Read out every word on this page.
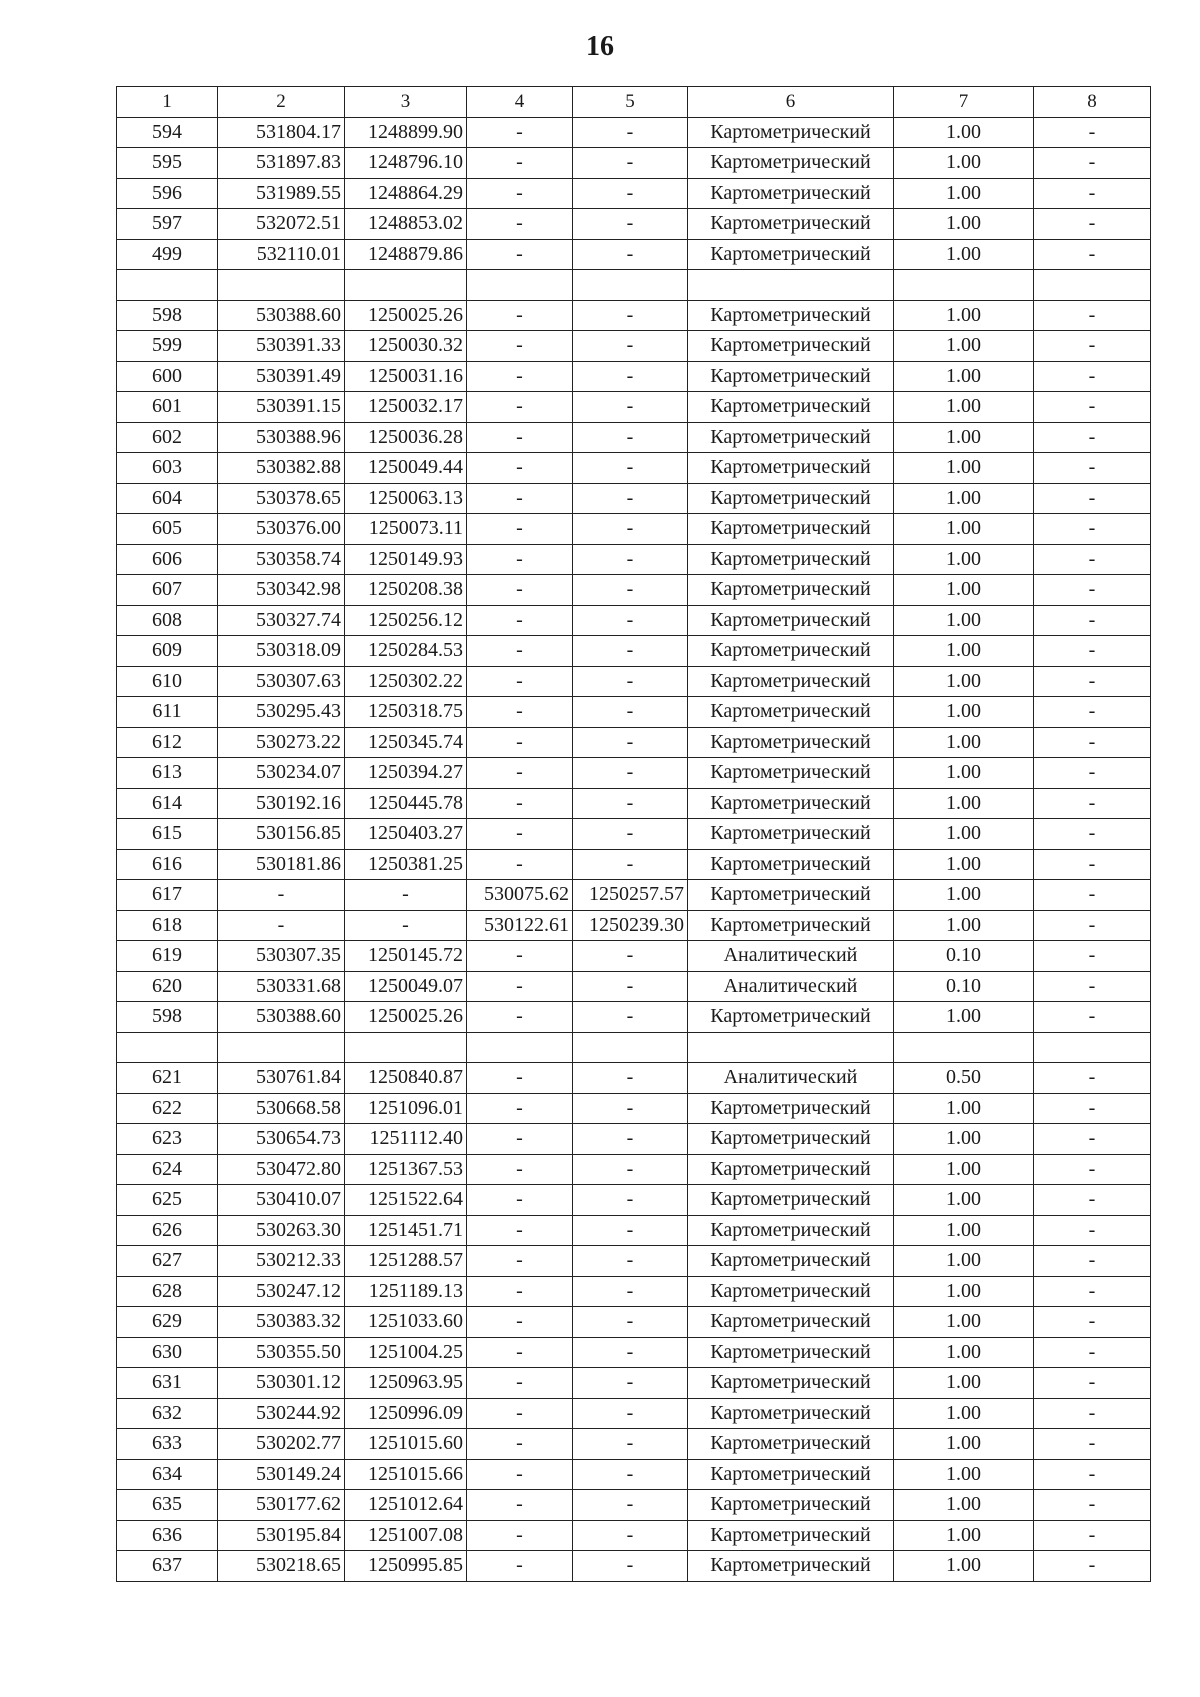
16
1	2	3	4	5	6	7	8
594	531804.17	1248899.90	-	-	Картометрический	1.00	-
595	531897.83	1248796.10	-	-	Картометрический	1.00	-
596	531989.55	1248864.29	-	-	Картометрический	1.00	-
597	532072.51	1248853.02	-	-	Картометрический	1.00	-
499	532110.01	1248879.86	-	-	Картометрический	1.00	-

598	530388.60	1250025.26	-	-	Картометрический	1.00	-
599	530391.33	1250030.32	-	-	Картометрический	1.00	-
600	530391.49	1250031.16	-	-	Картометрический	1.00	-
601	530391.15	1250032.17	-	-	Картометрический	1.00	-
602	530388.96	1250036.28	-	-	Картометрический	1.00	-
603	530382.88	1250049.44	-	-	Картометрический	1.00	-
604	530378.65	1250063.13	-	-	Картометрический	1.00	-
605	530376.00	1250073.11	-	-	Картометрический	1.00	-
606	530358.74	1250149.93	-	-	Картометрический	1.00	-
607	530342.98	1250208.38	-	-	Картометрический	1.00	-
608	530327.74	1250256.12	-	-	Картометрический	1.00	-
609	530318.09	1250284.53	-	-	Картометрический	1.00	-
610	530307.63	1250302.22	-	-	Картометрический	1.00	-
611	530295.43	1250318.75	-	-	Картометрический	1.00	-
612	530273.22	1250345.74	-	-	Картометрический	1.00	-
613	530234.07	1250394.27	-	-	Картометрический	1.00	-
614	530192.16	1250445.78	-	-	Картометрический	1.00	-
615	530156.85	1250403.27	-	-	Картометрический	1.00	-
616	530181.86	1250381.25	-	-	Картометрический	1.00	-
617	-	-	530075.62	1250257.57	Картометрический	1.00	-
618	-	-	530122.61	1250239.30	Картометрический	1.00	-
619	530307.35	1250145.72	-	-	Аналитический	0.10	-
620	530331.68	1250049.07	-	-	Аналитический	0.10	-
598	530388.60	1250025.26	-	-	Картометрический	1.00	-

621	530761.84	1250840.87	-	-	Аналитический	0.50	-
622	530668.58	1251096.01	-	-	Картометрический	1.00	-
623	530654.73	1251112.40	-	-	Картометрический	1.00	-
624	530472.80	1251367.53	-	-	Картометрический	1.00	-
625	530410.07	1251522.64	-	-	Картометрический	1.00	-
626	530263.30	1251451.71	-	-	Картометрический	1.00	-
627	530212.33	1251288.57	-	-	Картометрический	1.00	-
628	530247.12	1251189.13	-	-	Картометрический	1.00	-
629	530383.32	1251033.60	-	-	Картометрический	1.00	-
630	530355.50	1251004.25	-	-	Картометрический	1.00	-
631	530301.12	1250963.95	-	-	Картометрический	1.00	-
632	530244.92	1250996.09	-	-	Картометрический	1.00	-
633	530202.77	1251015.60	-	-	Картометрический	1.00	-
634	530149.24	1251015.66	-	-	Картометрический	1.00	-
635	530177.62	1251012.64	-	-	Картометрический	1.00	-
636	530195.84	1251007.08	-	-	Картометрический	1.00	-
637	530218.65	1250995.85	-	-	Картометрический	1.00	-
